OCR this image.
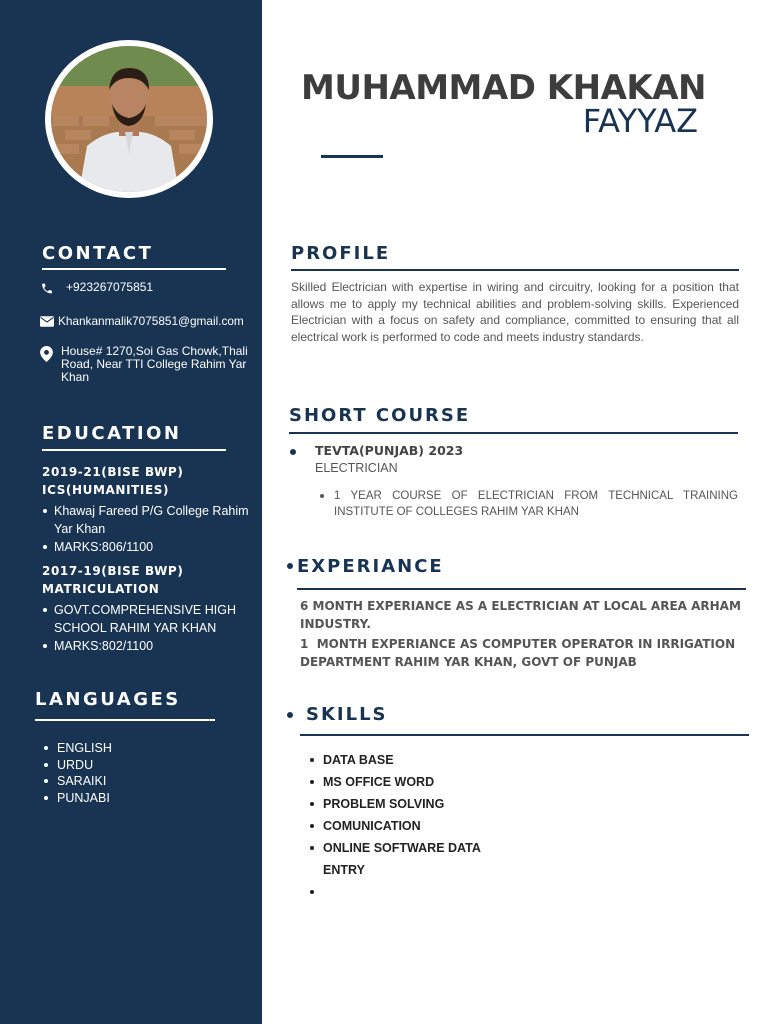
CONTACT
+923267075851
Khankanmalik7075851@gmail.com
House# 1270,Soi Gas Chowk,Thali Road, Near TTI College Rahim Yar Khan
EDUCATION
2019-21(BISE BWP)
ICS(HUMANITIES)
Khawaj Fareed P/G College Rahim Yar Khan
MARKS:806/1100
2017-19(BISE BWP)
MATRICULATION
GOVT.COMPREHENSIVE HIGH SCHOOL RAHIM YAR KHAN
MARKS:802/1100
LANGUAGES
ENGLISH
URDU
SARAIKI
PUNJABI
MUHAMMAD KHAKAN
FAYYAZ
PROFILE
Skilled Electrician with expertise in wiring and circuitry, looking for a position that allows me to apply my technical abilities and problem-solving skills. Experienced Electrician with a focus on safety and compliance, committed to ensuring that all electrical work is performed to code and meets industry standards.
SHORT COURSE
TEVTA(PUNJAB) 2023
ELECTRICIAN
1 YEAR COURSE OF ELECTRICIAN FROM TECHNICAL TRAINING INSTITUTE OF COLLEGES RAHIM YAR KHAN
EXPERIANCE
6 MONTH EXPERIANCE AS A ELECTRICIAN AT LOCAL AREA ARHAM INDUSTRY.
1  MONTH EXPERIANCE AS COMPUTER OPERATOR IN IRRIGATION DEPARTMENT RAHIM YAR KHAN, GOVT OF PUNJAB
SKILLS
DATA BASE
MS OFFICE WORD
PROBLEM SOLVING
COMUNICATION
ONLINE SOFTWARE DATA ENTRY
